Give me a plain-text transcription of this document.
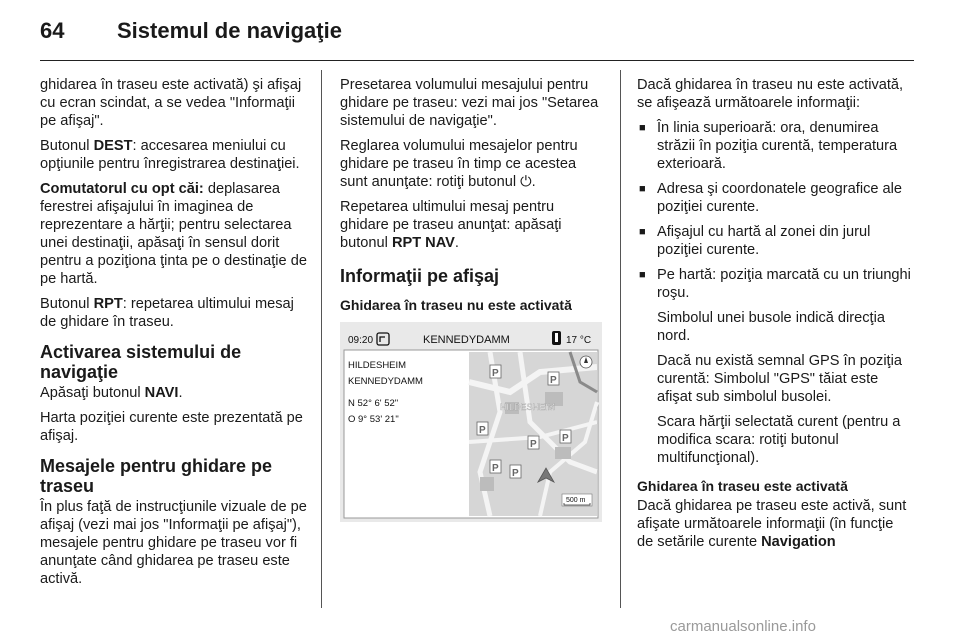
64 Sistemul de navigaţie

ghidarea în traseu este activată) şi afişaj cu ecran scindat, a se vedea "Informaţii pe afişaj".

Butonul DEST: accesarea meniului cu opţiunile pentru înregistrarea destinaţiei.

Comutatorul cu opt căi: deplasarea ferestrei afişajului în imaginea de reprezentare a hărţii; pentru selectarea unei destinaţii, apăsaţi în sensul dorit pentru a poziţiona ţinta pe o destinaţie de pe hartă.

Butonul RPT: repetarea ultimului mesaj de ghidare în traseu.

Activarea sistemului de navigaţie

Apăsaţi butonul NAVI.

Harta poziţiei curente este prezentată pe afişaj.

Mesajele pentru ghidare pe traseu

În plus faţă de instrucţiunile vizuale de pe afişaj (vezi mai jos "Informaţii pe afişaj"), mesajele pentru ghidare pe traseu vor fi anunţate când ghidarea pe traseu este activă.

Presetarea volumului mesajului pentru ghidare pe traseu: vezi mai jos "Setarea sistemului de navigaţie".

Reglarea volumului mesajelor pentru ghidare pe traseu în timp ce acestea sunt anunţate: rotiţi butonul ⏻.

Repetarea ultimului mesaj pentru ghidare pe traseu anunţat: apăsaţi butonul RPT NAV.

Informaţii pe afişaj
Ghidarea în traseu nu este activată
09:20	KENNEDYDAMM	17 °C
HILDESHEIM
KENNEDYDAMM
N 52° 6' 52"
O 9° 53' 21"
HILDESHEIM
P
P
P
P
P
P P
500 m

Dacă ghidarea în traseu nu este activată, se afişează următoarele informaţii:

■ În linia superioară: ora, denumirea străzii în poziţia curentă, temperatura exterioară.
■ Adresa şi coordonatele geografice ale poziţiei curente.
■ Afişajul cu hartă al zonei din jurul poziţiei curente.
■ Pe hartă: poziţia marcată cu un triunghi roşu.
Simbolul unei busole indică direcţia nord.
Dacă nu există semnal GPS în poziţia curentă: Simbolul "GPS" tăiat este afişat sub simbolul busolei.
Scara hărţii selectată curent (pentru a modifica scara: rotiţi butonul multifuncţional).
Ghidarea în traseu este activată

Dacă ghidarea pe traseu este activă, sunt afişate următoarele informaţii (în funcţie de setările curente Navigation

carmanualsonline.info
